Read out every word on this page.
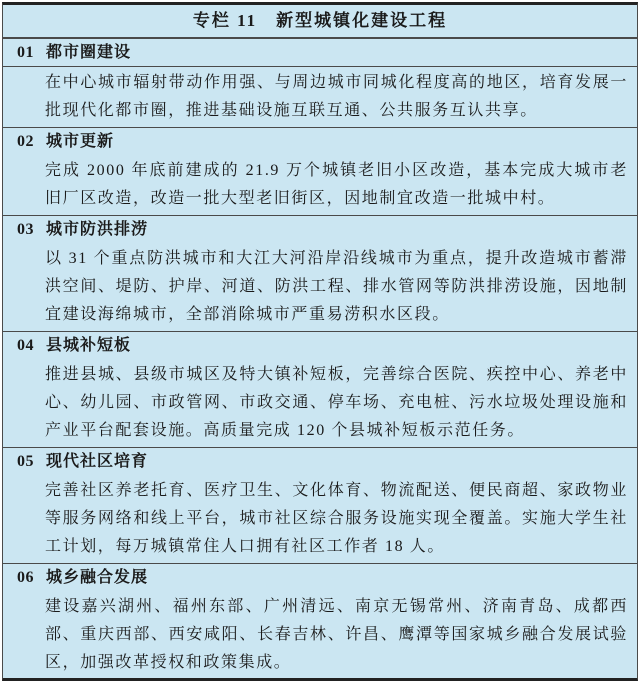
专栏 11　新型城镇化建设工程
01 都市圈建设
在中心城市辐射带动作用强、与周边城市同城化程度高的地区，培育发展一批现代化都市圈，推进基础设施互联互通、公共服务互认共享。
02 城市更新
完成 2000 年底前建成的 21.9 万个城镇老旧小区改造，基本完成大城市老旧厂区改造，改造一批大型老旧街区，因地制宜改造一批城中村。
03 城市防洪排涝
以 31 个重点防洪城市和大江大河沿岸沿线城市为重点，提升改造城市蓄滞洪空间、堤防、护岸、河道、防洪工程、排水管网等防洪排涝设施，因地制宜建设海绵城市，全部消除城市严重易涝积水区段。
04 县城补短板
推进县城、县级市城区及特大镇补短板，完善综合医院、疾控中心、养老中心、幼儿园、市政管网、市政交通、停车场、充电桩、污水垃圾处理设施和产业平台配套设施。高质量完成 120 个县城补短板示范任务。
05 现代社区培育
完善社区养老托育、医疗卫生、文化体育、物流配送、便民商超、家政物业等服务网络和线上平台，城市社区综合服务设施实现全覆盖。实施大学生社工计划，每万城镇常住人口拥有社区工作者 18 人。
06 城乡融合发展
建设嘉兴湖州、福州东部、广州清远、南京无锡常州、济南青岛、成都西部、重庆西部、西安咸阳、长春吉林、许昌、鹰潭等国家城乡融合发展试验区，加强改革授权和政策集成。
